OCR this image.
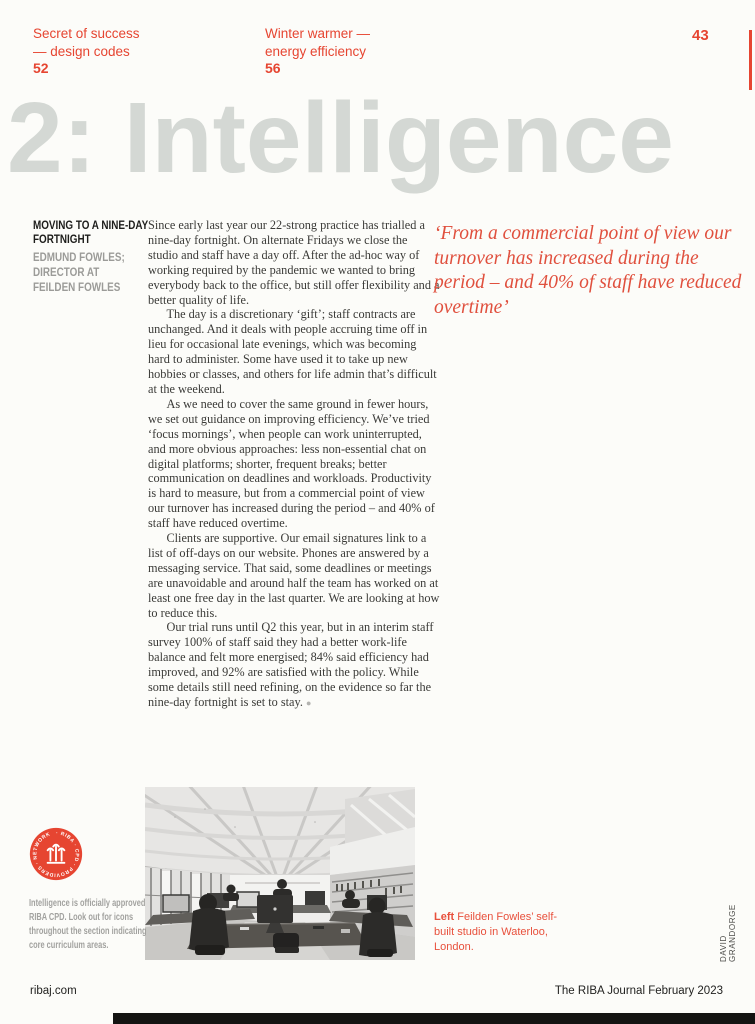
Secret of success
— design codes
52
Winter warmer —
energy efficiency
56
43
2: Intelligence
MOVING TO A NINE-DAY FORTNIGHT
EDMUND FOWLES;
DIRECTOR AT
FEILDEN FOWLES

Since early last year our 22-strong practice has trialled a nine-day fortnight. On alternate Fridays we close the studio and staff have a day off. After the ad-hoc way of working required by the pandemic we wanted to bring everybody back to the office, but still offer flexibility and a better quality of life.

The day is a discretionary ‘gift’; staff contracts are unchanged. And it deals with people accruing time off in lieu for occasional late evenings, which was becoming hard to administer. Some have used it to take up new hobbies or classes, and others for life admin that’s difficult at the weekend.

As we need to cover the same ground in fewer hours, we set out guidance on improving efficiency. We’ve tried ‘focus mornings’, when people can work uninterrupted, and more obvious approaches: less non-essential chat on digital platforms; shorter, frequent breaks; better communication on deadlines and workloads. Productivity is hard to measure, but from a commercial point of view our turnover has increased during the period – and 40% of staff have reduced overtime.

Clients are supportive. Our email signatures link to a list of off-days on our website. Phones are answered by a messaging service. That said, some deadlines or meetings are unavoidable and around half the team has worked on at least one free day in the last quarter. We are looking at how to reduce this.

Our trial runs until Q2 this year, but in an interim staff survey 100% of staff said they had a better work-life balance and felt more energised; 84% said efficiency had improved, and 92% are satisfied with the policy. While some details still need refining, on the evidence so far the nine-day fortnight is set to stay. ●

‘From a commercial point of view our turnover has increased during the period – and 40% of staff have reduced overtime’
· RIBA · CPD · PROVIDERS · NETWORK
Intelligence is officially approved RIBA CPD. Look out for icons throughout the section indicating core curriculum areas.
Left Feilden Fowles’ self-built studio in Waterloo, London.	DAVID GRANDORGE
ribaj.com	The RIBA Journal February 2023
